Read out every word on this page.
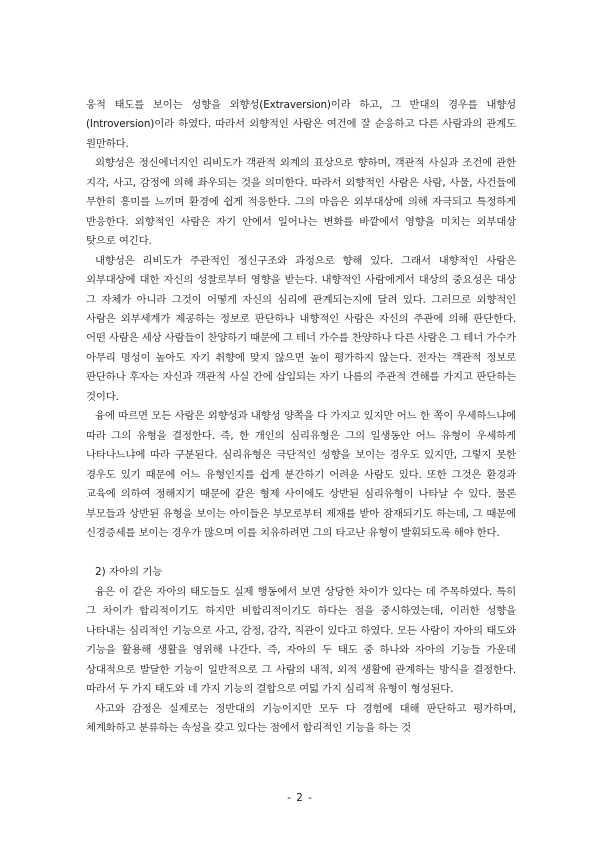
웅적 태도를 보이는 성향을 외향성(Extraversion)이라 하고, 그 반대의 경우를 내향성(Introversion)이라 하였다. 따라서 외향적인 사람은 여건에 잘 순응하고 다른 사람과의 관계도 원만하다.

외향성은 정신에너지인 리비도가 객관적 외계의 표상으로 향하며, 객관적 사실과 조건에 관한 지각, 사고, 감정에 의해 좌우되는 것을 의미한다. 따라서 외향적인 사람은 사람, 사물, 사건들에 무한히 흥미를 느끼며 환경에 쉽게 적응한다. 그의 마음은 외부대상에 의해 자극되고 특정하게 반응한다. 외향적인 사람은 자기 안에서 일어나는 변화를 바깥에서 영향을 미치는 외부대상 탓으로 여긴다.

내향성은 리비도가 주관적인 정신구조와 과정으로 향해 있다. 그래서 내향적인 사람은 외부대상에 대한 자신의 성찰로부터 영향을 받는다. 내향적인 사람에게서 대상의 중요성은 대상 그 자체가 아니라 그것이 어떻게 자신의 심리에 관계되는지에 달려 있다. 그러므로 외향적인 사람은 외부세계가 제공하는 정보로 판단하나 내향적인 사람은 자신의 주관에 의해 판단한다. 어떤 사람은 세상 사람들이 찬양하기 때문에 그 테너 가수를 찬양하나 다른 사람은 그 테너 가수가 아무리 명성이 높아도 자기 취향에 맞지 않으면 높이 평가하지 않는다. 전자는 객관적 정보로 판단하나 후자는 자신과 객관적 사실 간에 삽입되는 자기 나름의 주관적 견해를 가지고 판단하는 것이다.

융에 따르면 모든 사람은 외향성과 내향성 양쪽을 다 가지고 있지만 어느 한 쪽이 우세하느냐에 따라 그의 유형을 결정한다. 즉, 한 개인의 심리유형은 그의 일생동안 어느 유형이 우세하게 나타나느냐에 따라 구분된다. 심리유형은 극단적인 성향을 보이는 경우도 있지만, 그렇지 못한 경우도 있기 때문에 어느 유형인지를 쉽게 분간하기 어려운 사람도 있다. 또한 그것은 환경과 교육에 의하여 정해지기 때문에 같은 형제 사이에도 상반된 심리유형이 나타날 수 있다. 물론 부모들과 상반된 유형을 보이는 아이들은 부모로부터 제재를 받아 잠재되기도 하는데, 그 때문에 신경증세를 보이는 경우가 많으며 이를 치유하려면 그의 타고난 유형이 발휘되도록 해야 한다.

2) 자아의 기능

융은 이 같은 자아의 태도들도 실제 행동에서 보면 상당한 차이가 있다는 데 주목하였다. 특히 그 차이가 합리적이기도 하지만 비합리적이기도 하다는 점을 중시하였는데, 이러한 성향을 나타내는 심리적인 기능으로 사고, 감정, 감각, 직관이 있다고 하였다. 모든 사람이 자아의 태도와 기능을 활용해 생활을 영위해 나간다. 즉, 자아의 두 태도 중 하나와 자아의 기능들 가운데 상대적으로 발달한 기능이 일반적으로 그 사람의 내적, 외적 생활에 관계하는 방식을 결정한다. 따라서 두 가지 태도와 네 가지 기능의 결합으로 여덟 가지 심리적 유형이 형성된다.

사고와 감정은 실제로는 정반대의 기능이지만 모두 다 경험에 대해 판단하고 평가하며, 체계화하고 분류하는 속성을 갖고 있다는 점에서 합리적인 기능을 하는 것

- 2 -
